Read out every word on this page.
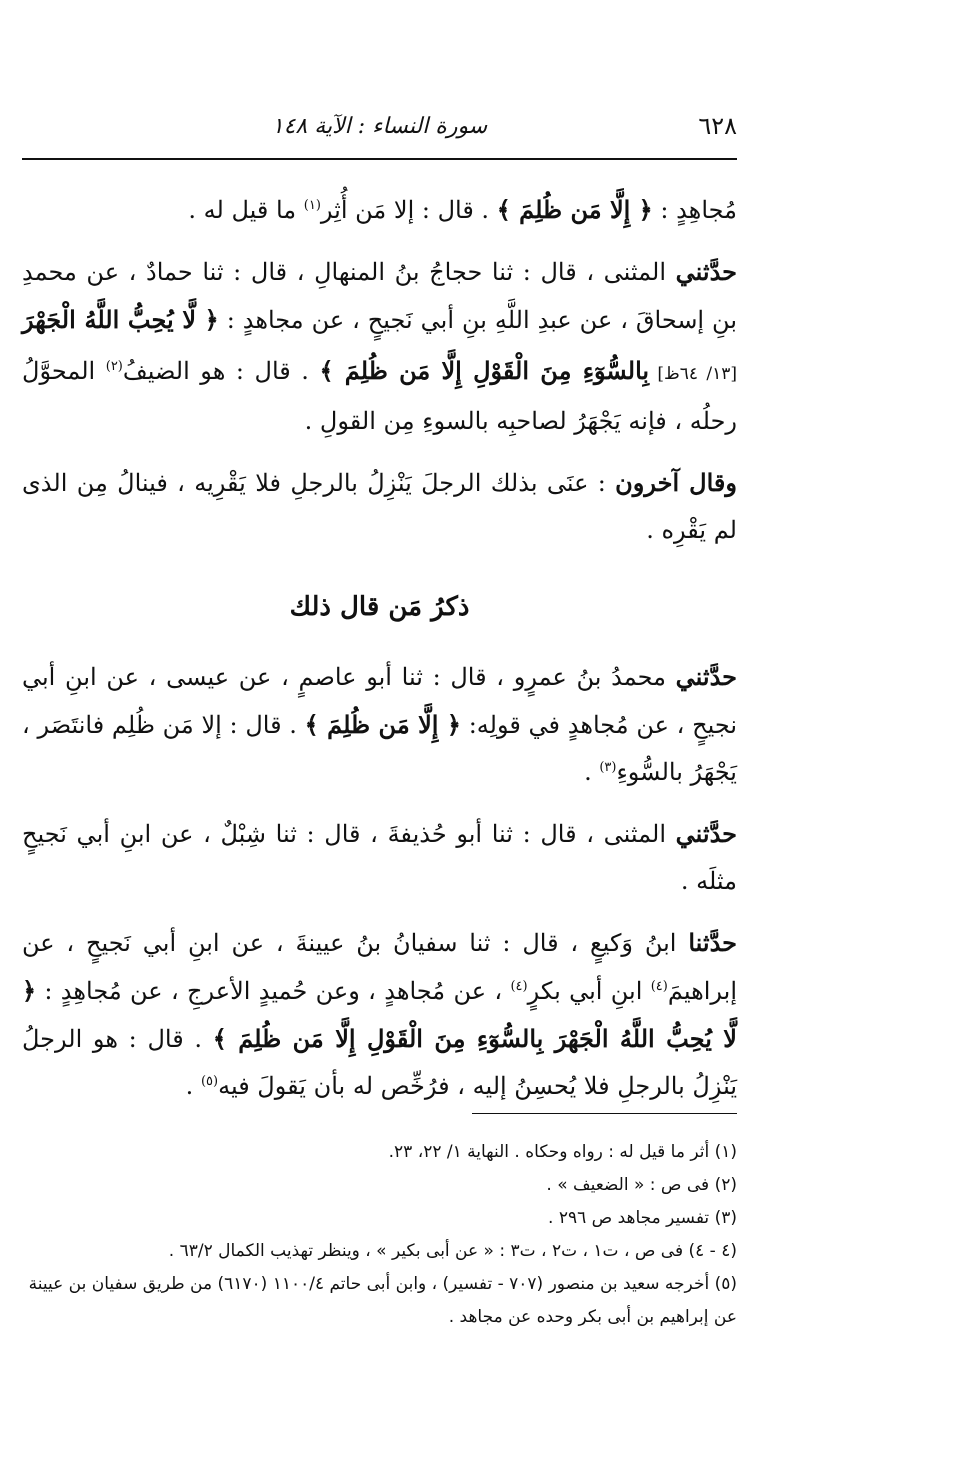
٦٢٨
سورة النساء : الآية ١٤٨

مُجاهِدٍ : ﴿ إِلَّا مَن ظُلِمَ ﴾ . قال : إلا مَن أُثِر$^{(١)}$ ما قيل له .

حدَّثني المثنى ، قال : ثنا حجاجُ بنُ المنهالِ ، قال : ثنا حمادٌ ، عن محمدِ بنِ إسحاقَ ، عن عبدِ اللَّهِ بنِ أبي نَجيحٍ ، عن مجاهدٍ : ﴿ لَّا يُحِبُّ اللَّهُ الْجَهْرَ [١٣/ ٦٤ظ] بِالسُّوٓءِ مِنَ الْقَوْلِ إِلَّا مَن ظُلِمَ ﴾ . قال : هو الضيفُ$^{(٢)}$ المحوَّلُ رحلُه ، فإنه يَجْهَرُ لصاحبِه بالسوءِ مِن القولِ .

وقال آخرون : عنَى بذلك الرجلَ يَنْزِلُ بالرجلِ فلا يَقْرِيه ، فينالُ مِن الذى لم يَقْرِه .

ذكرُ مَن قال ذلك

حدَّثني محمدُ بنُ عمرٍو ، قال : ثنا أبو عاصمٍ ، عن عيسى ، عن ابنِ أبي نجيحٍ ، عن مُجاهدٍ في قولِه: ﴿ إِلَّا مَن ظُلِمَ ﴾ . قال : إلا مَن ظُلِم فانتَصَر ، يَجْهَرُ بالسُّوءِ$^{(٣)}$ .

حدَّثني المثنى ، قال : ثنا أبو حُذيفةَ ، قال : ثنا شِبْلٌ ، عن ابنِ أبي نَجيحٍ مثلَه .

حدَّثنا ابنُ وَكيعٍ ، قال : ثنا سفيانُ بنُ عيينةَ ، عن ابنِ أبي نَجيحٍ ، عن إبراهيمَ$^{(٤)}$ ابنِ أبي بكرٍ$^{(٤)}$ ، عن مُجاهدٍ ، وعن حُميدٍ الأعرجِ ، عن مُجاهِدٍ : ﴿ لَّا يُحِبُّ اللَّهُ الْجَهْرَ بِالسُّوٓءِ مِنَ الْقَوْلِ إِلَّا مَن ظُلِمَ ﴾ . قال : هو الرجلُ يَنْزِلُ بالرجلِ فلا يُحسِنُ إليه ، فرُخِّص له بأن يَقولَ فيه$^{(٥)}$ .

(١) أثر ما قيل له : رواه وحكاه . النهاية ١/ ٢٢، ٢٣.

(٢) فى ص : « الضعيف » .

(٣) تفسير مجاهد ص ٢٩٦ .

(٤ - ٤) فى ص ، ت١ ، ت٢ ، ت٣ : « عن أبى بكير » ، وينظر تهذيب الكمال ٦٣/٢ .

(٥) أخرجه سعيد بن منصور (٧٠٧ - تفسير) ، وابن أبى حاتم ١١٠٠/٤ (٦١٧٠) من طريق سفيان بن عيينة عن إبراهيم بن أبى بكر وحده عن مجاهد .
